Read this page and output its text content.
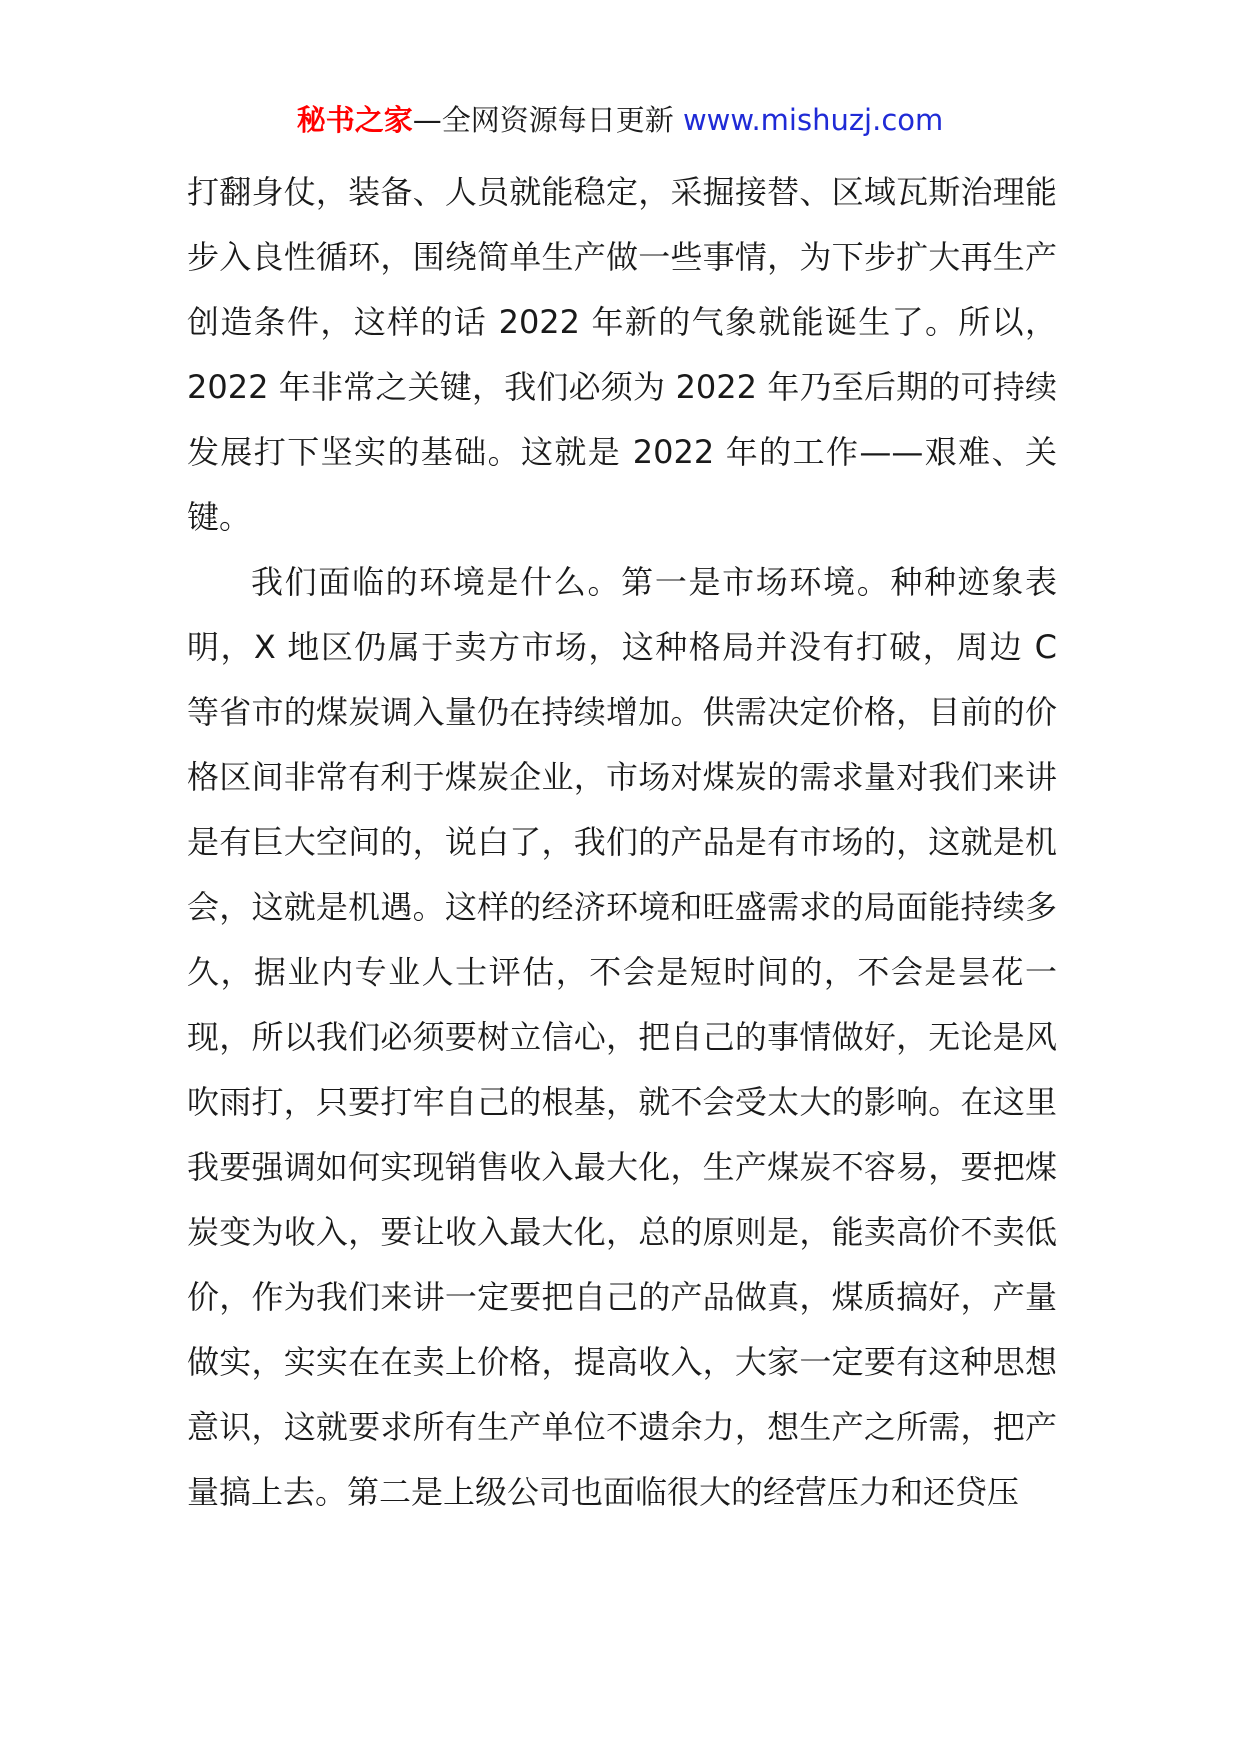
秘书之家—全网资源每日更新 www.mishuzj.com

打翻身仗，装备、人员就能稳定，采掘接替、区域瓦斯治理能步入良性循环，围绕简单生产做一些事情，为下步扩大再生产创造条件，这样的话 2022 年新的气象就能诞生了。所以，2022 年非常之关键，我们必须为 2022 年乃至后期的可持续发展打下坚实的基础。这就是 2022 年的工作——艰难、关键。

我们面临的环境是什么。第一是市场环境。种种迹象表明，X 地区仍属于卖方市场，这种格局并没有打破，周边 C 等省市的煤炭调入量仍在持续增加。供需决定价格，目前的价格区间非常有利于煤炭企业，市场对煤炭的需求量对我们来讲是有巨大空间的，说白了，我们的产品是有市场的，这就是机会，这就是机遇。这样的经济环境和旺盛需求的局面能持续多久，据业内专业人士评估，不会是短时间的，不会是昙花一现，所以我们必须要树立信心，把自己的事情做好，无论是风吹雨打，只要打牢自己的根基，就不会受太大的影响。在这里我要强调如何实现销售收入最大化，生产煤炭不容易，要把煤炭变为收入，要让收入最大化，总的原则是，能卖高价不卖低价，作为我们来讲一定要把自己的产品做真，煤质搞好，产量做实，实实在在卖上价格，提高收入，大家一定要有这种思想意识，这就要求所有生产单位不遗余力，想生产之所需，把产量搞上去。第二是上级公司也面临很大的经营压力和还贷压
